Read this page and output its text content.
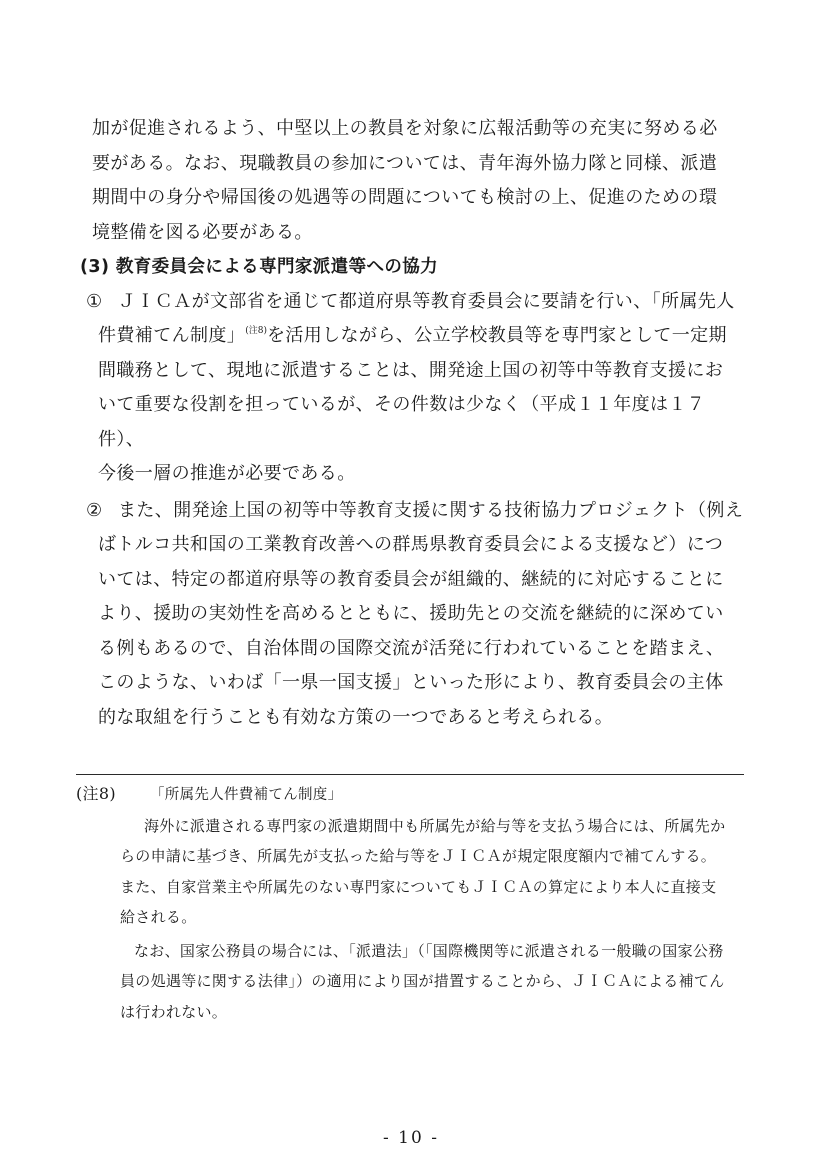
加が促進されるよう、中堅以上の教員を対象に広報活動等の充実に努める必
要がある。なお、現職教員の参加については、青年海外協力隊と同様、派遣
期間中の身分や帰国後の処遇等の問題についても検討の上、促進のための環
境整備を図る必要がある。

(3) 教育委員会による専門家派遣等への協力

① ＪＩＣＡが文部省を通じて都道府県等教育委員会に要請を行い、「所属先人
件費補てん制度」$^{(注8)}$を活用しながら、公立学校教員等を専門家として一定期
間職務として、現地に派遣することは、開発途上国の初等中等教育支援にお
いて重要な役割を担っているが、その件数は少なく（平成１１年度は１７件）、
今後一層の推進が必要である。
② また、開発途上国の初等中等教育支援に関する技術協力プロジェクト（例え
ばトルコ共和国の工業教育改善への群馬県教育委員会による支援など）につ
いては、特定の都道府県等の教育委員会が組織的、継続的に対応することに
より、援助の実効性を高めるとともに、援助先との交流を継続的に深めてい
る例もあるので、自治体間の国際交流が活発に行われていることを踏まえ、
このような、いわば「一県一国支援」といった形により、教育委員会の主体
的な取組を行うことも有効な方策の一つであると考えられる。

(注8) 「所属先人件費補てん制度」

海外に派遣される専門家の派遣期間中も所属先が給与等を支払う場合には、所属先か
らの申請に基づき、所属先が支払った給与等をＪＩＣＡが規定限度額内で補てんする。
また、自家営業主や所属先のない専門家についてもＪＩＣＡの算定により本人に直接支
給される。
なお、国家公務員の場合には、「派遣法」（「国際機関等に派遣される一般職の国家公務
員の処遇等に関する法律」）の適用により国が措置することから、ＪＩＣＡによる補てん
は行われない。
- 10 -
